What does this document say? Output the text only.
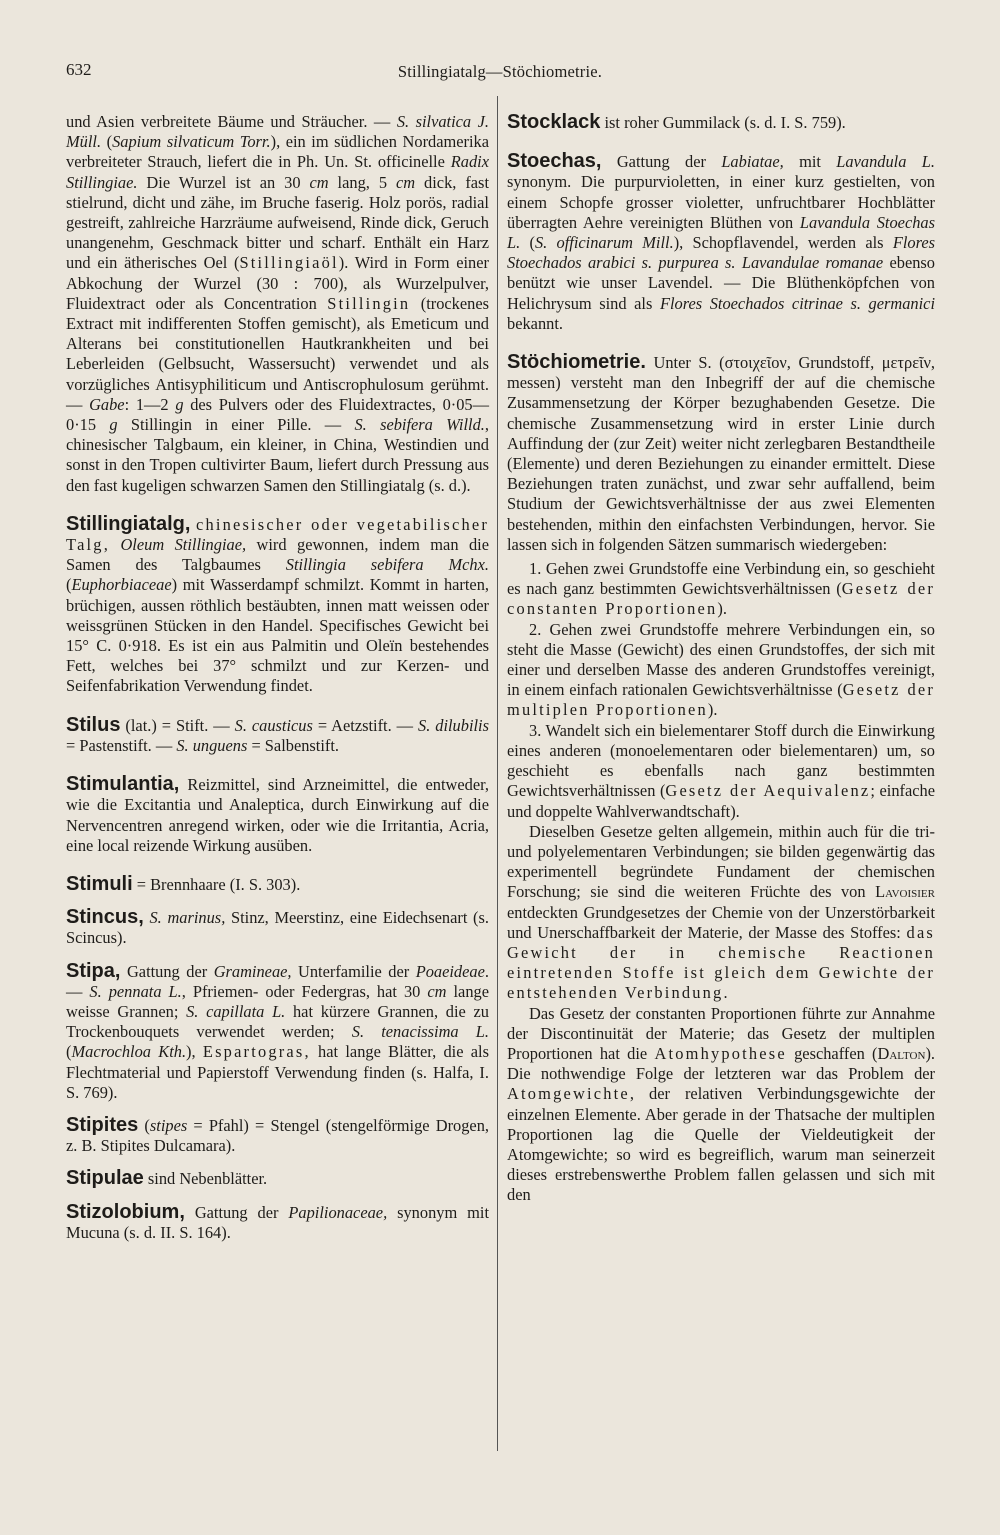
632	Stillingiatalg—Stöchiometrie.

und Asien verbreitete Bäume und Sträucher. — S. silvatica J. Müll. (Sapium silvaticum Torr.), ein im südlichen Nordamerika verbreiteter Strauch, liefert die in Ph. Un. St. officinelle Radix Stillingiae. Die Wurzel ist an 30 cm lang, 5 cm dick, fast stielrund, dicht und zähe, im Bruche faserig. Holz porös, radial gestreift, zahlreiche Harzräume aufweisend, Rinde dick, Geruch unangenehm, Geschmack bitter und scharf. Enthält ein Harz und ein ätherisches Oel (Stillingiaöl). Wird in Form einer Abkochung der Wurzel (30 : 700), als Wurzelpulver, Fluidextract oder als Concentration Stillingin (trockenes Extract mit indifferenten Stoffen gemischt), als Emeticum und Alterans bei constitutionellen Hautkrankheiten und bei Leberleiden (Gelbsucht, Wassersucht) verwendet und als vorzügliches Antisyphiliticum und Antiscrophulosum gerühmt. — Gabe: 1—2 g des Pulvers oder des Fluidextractes, 0·05—0·15 g Stillingin in einer Pille. — S. sebifera Willd., chinesischer Talgbaum, ein kleiner, in China, Westindien und sonst in den Tropen cultivirter Baum, liefert durch Pressung aus den fast kugeligen schwarzen Samen den Stillingiatalg (s. d.).

Stillingiatalg, chinesischer oder vegetabilischer Talg, Oleum Stillingiae, wird gewonnen, indem man die Samen des Talgbaumes Stillingia sebifera Mchx. (Euphorbiaceae) mit Wasserdampf schmilzt. Kommt in harten, brüchigen, aussen röthlich bestäubten, innen matt weissen oder weissgrünen Stücken in den Handel. Specifisches Gewicht bei 15° C. 0·918. Es ist ein aus Palmitin und Oleïn bestehendes Fett, welches bei 37° schmilzt und zur Kerzen- und Seifenfabrikation Verwendung findet.

Stilus (lat.) = Stift. — S. causticus = Aetzstift. — S. dilubilis = Pastenstift. — S. unguens = Salbenstift.

Stimulantia, Reizmittel, sind Arzneimittel, die entweder, wie die Excitantia und Analeptica, durch Einwirkung auf die Nervencentren anregend wirken, oder wie die Irritantia, Acria, eine local reizende Wirkung ausüben.

Stimuli = Brennhaare (I. S. 303).

Stincus, S. marinus, Stinz, Meerstinz, eine Eidechsenart (s. Scincus).

Stipa, Gattung der Gramineae, Unterfamilie der Poaeideae. — S. pennata L., Pfriemen- oder Federgras, hat 30 cm lange weisse Grannen; S. capillata L. hat kürzere Grannen, die zu Trockenbouquets verwendet werden; S. tenacissima L. (Macrochloa Kth.), Espartogras, hat lange Blätter, die als Flechtmaterial und Papierstoff Verwendung finden (s. Halfa, I. S. 769).

Stipites (stipes = Pfahl) = Stengel (stengelförmige Drogen, z. B. Stipites Dulcamara).

Stipulae sind Nebenblätter.

Stizolobium, Gattung der Papilionaceae, synonym mit Mucuna (s. d. II. S. 164).

Stocklack ist roher Gummilack (s. d. I. S. 759).

Stoechas, Gattung der Labiatae, mit Lavandula L. synonym. Die purpurvioletten, in einer kurz gestielten, von einem Schopfe grosser violetter, unfruchtbarer Hochblätter überragten Aehre vereinigten Blüthen von Lavandula Stoechas L. (S. officinarum Mill.), Schopflavendel, werden als Flores Stoechados arabici s. purpurea s. Lavandulae romanae ebenso benützt wie unser Lavendel. — Die Blüthenköpfchen von Helichrysum sind als Flores Stoechados citrinae s. germanici bekannt.

Stöchiometrie. Unter S. (στοιχεῖον, Grundstoff, μετρεῖν, messen) versteht man den Inbegriff der auf die chemische Zusammensetzung der Körper bezughabenden Gesetze. Die chemische Zusammensetzung wird in erster Linie durch Auffindung der (zur Zeit) weiter nicht zerlegbaren Bestandtheile (Elemente) und deren Beziehungen zu einander ermittelt. Diese Beziehungen traten zunächst, und zwar sehr auffallend, beim Studium der Gewichtsverhältnisse der aus zwei Elementen bestehenden, mithin den einfachsten Verbindungen, hervor. Sie lassen sich in folgenden Sätzen summarisch wiedergeben:

1. Gehen zwei Grundstoffe eine Verbindung ein, so geschieht es nach ganz bestimmten Gewichtsverhältnissen (Gesetz der constanten Proportionen).

2. Gehen zwei Grundstoffe mehrere Verbindungen ein, so steht die Masse (Gewicht) des einen Grundstoffes, der sich mit einer und derselben Masse des anderen Grundstoffes vereinigt, in einem einfach rationalen Gewichtsverhältnisse (Gesetz der multiplen Proportionen).

3. Wandelt sich ein bielementarer Stoff durch die Einwirkung eines anderen (monoelementaren oder bielementaren) um, so geschieht es ebenfalls nach ganz bestimmten Gewichtsverhältnissen (Gesetz der Aequivalenz; einfache und doppelte Wahlverwandtschaft).

Dieselben Gesetze gelten allgemein, mithin auch für die tri- und polyelementaren Verbindungen; sie bilden gegenwärtig das experimentell begründete Fundament der chemischen Forschung; sie sind die weiteren Früchte des von Lavoisier entdeckten Grundgesetzes der Chemie von der Unzerstörbarkeit und Unerschaffbarkeit der Materie, der Masse des Stoffes: das Gewicht der in chemische Reactionen eintretenden Stoffe ist gleich dem Gewichte der entstehenden Verbindung.

Das Gesetz der constanten Proportionen führte zur Annahme der Discontinuität der Materie; das Gesetz der multiplen Proportionen hat die Atomhypothese geschaffen (Dalton). Die nothwendige Folge der letzteren war das Problem der Atomgewichte, der relativen Verbindungsgewichte der einzelnen Elemente. Aber gerade in der Thatsache der multiplen Proportionen lag die Quelle der Vieldeutigkeit der Atomgewichte; so wird es begreiflich, warum man seinerzeit dieses erstrebenswerthe Problem fallen gelassen und sich mit den
